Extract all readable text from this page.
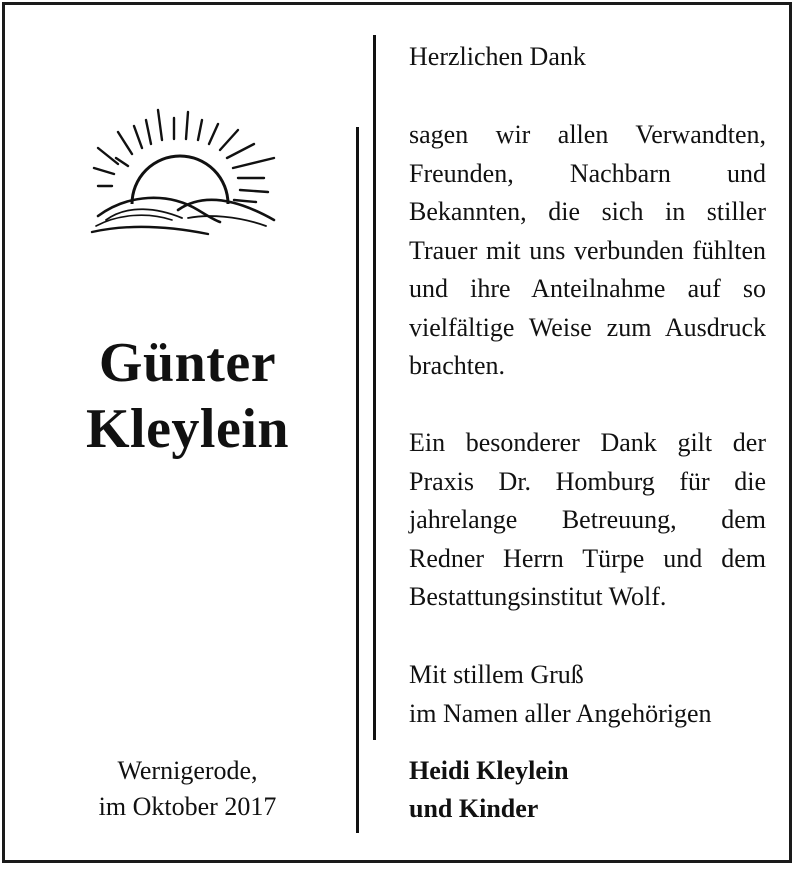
Günter
Kleylein
Wernigerode,
im Oktober 2017
Herzlichen Dank
sagen wir allen Verwandten, Freunden, Nachbarn und Bekannten, die sich in stiller Trauer mit uns verbunden fühlten und ihre Anteilnahme auf so vielfältige Weise zum Ausdruck brachten.
Ein besonderer Dank gilt der Praxis Dr. Homburg für die jahrelange Betreuung, dem Redner Herrn Türpe und dem Bestattungsinstitut Wolf.
Mit stillem Gruß
im Namen aller Angehörigen
Heidi Kleylein
und Kinder
